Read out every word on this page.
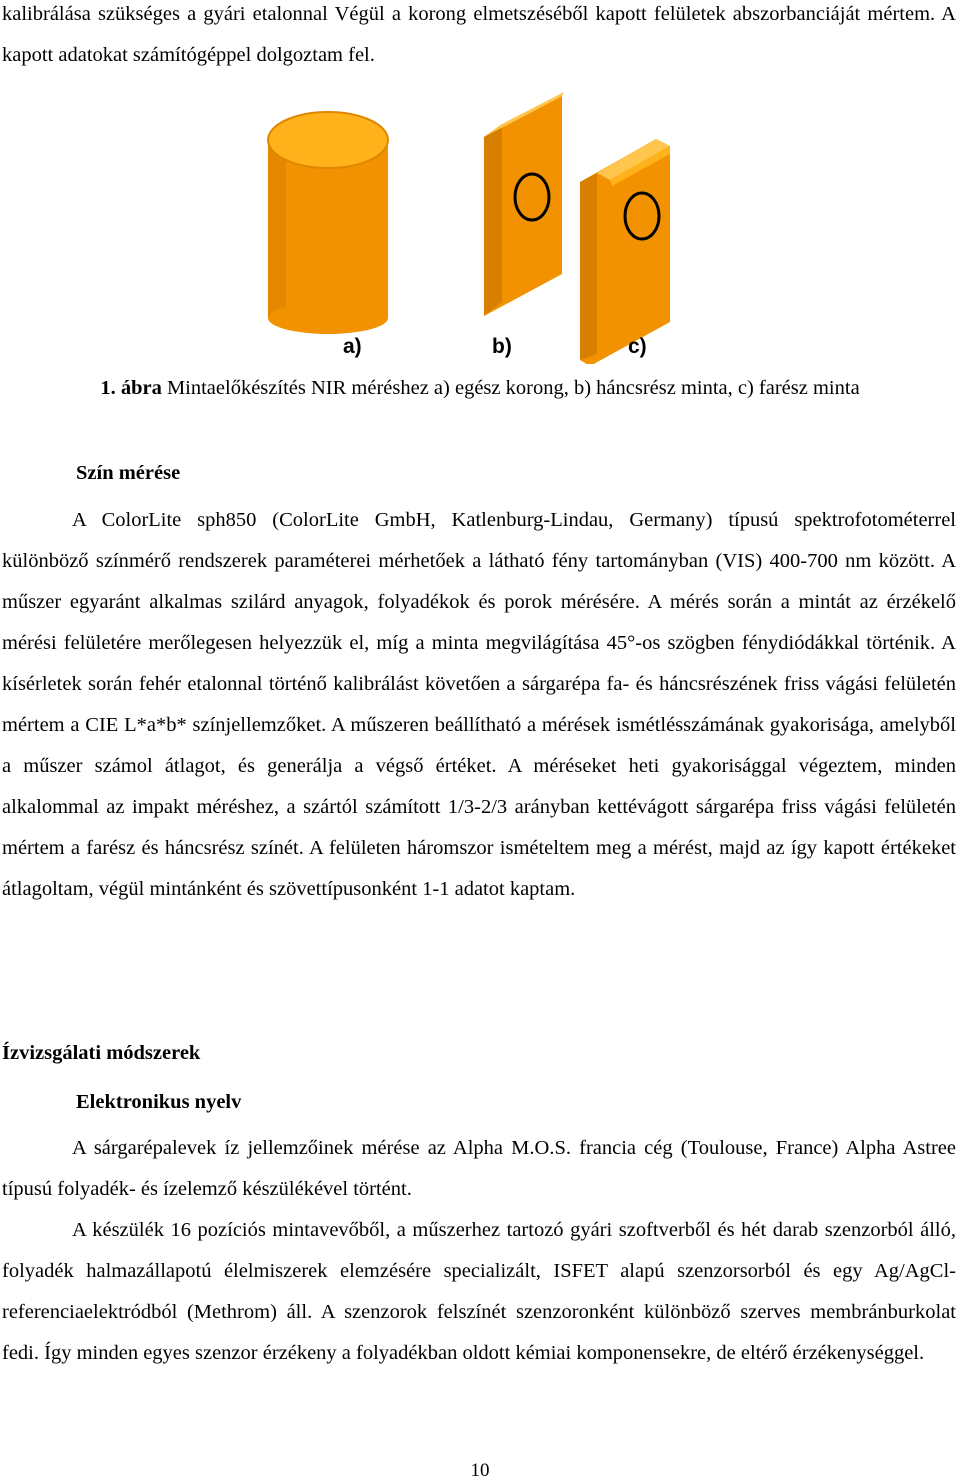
kalibrálása szükséges a gyári etalonnal Végül a korong elmetszéséből kapott felületek abszorbanciáját mértem. A kapott adatokat számítógéppel dolgoztam fel.

a)	b)	c)
1. ábra Mintaelőkészítés NIR méréshez a) egész korong, b) háncsrész minta, c) farész minta
Szín mérése

A ColorLite sph850 (ColorLite GmbH, Katlenburg-Lindau, Germany) típusú spektrofotométerrel különböző színmérő rendszerek paraméterei mérhetőek a látható fény tartományban (VIS) 400-700 nm között. A műszer egyaránt alkalmas szilárd anyagok, folyadékok és porok mérésére. A mérés során a mintát az érzékelő mérési felületére merőlegesen helyezzük el, míg a minta megvilágítása 45°-os szögben fénydiódákkal történik. A kísérletek során fehér etalonnal történő kalibrálást követően a sárgarépa fa- és háncsrészének friss vágási felületén mértem a CIE L*a*b* színjellemzőket. A műszeren beállítható a mérések ismétlésszámának gyakorisága, amelyből a műszer számol átlagot, és generálja a végső értéket. A méréseket heti gyakorisággal végeztem, minden alkalommal az impakt méréshez, a szártól számított 1/3-2/3 arányban kettévágott sárgarépa friss vágási felületén mértem a farész és háncsrész színét. A felületen háromszor ismételtem meg a mérést, majd az így kapott értékeket átlagoltam, végül mintánként és szövettípusonként 1-1 adatot kaptam.

Ízvizsgálati módszerek
Elektronikus nyelv

A sárgarépalevek íz jellemzőinek mérése az Alpha M.O.S. francia cég (Toulouse, France) Alpha Astree típusú folyadék- és ízelemző készülékével történt.

A készülék 16 pozíciós mintavevőből, a műszerhez tartozó gyári szoftverből és hét darab szenzorból álló, folyadék halmazállapotú élelmiszerek elemzésére specializált, ISFET alapú szenzorsorból és egy Ag/AgCl-referenciaelektródból (Methrom) áll. A szenzorok felszínét szenzoronként különböző szerves membránburkolat fedi. Így minden egyes szenzor érzékeny a folyadékban oldott kémiai komponensekre, de eltérő érzékenységgel.

10
